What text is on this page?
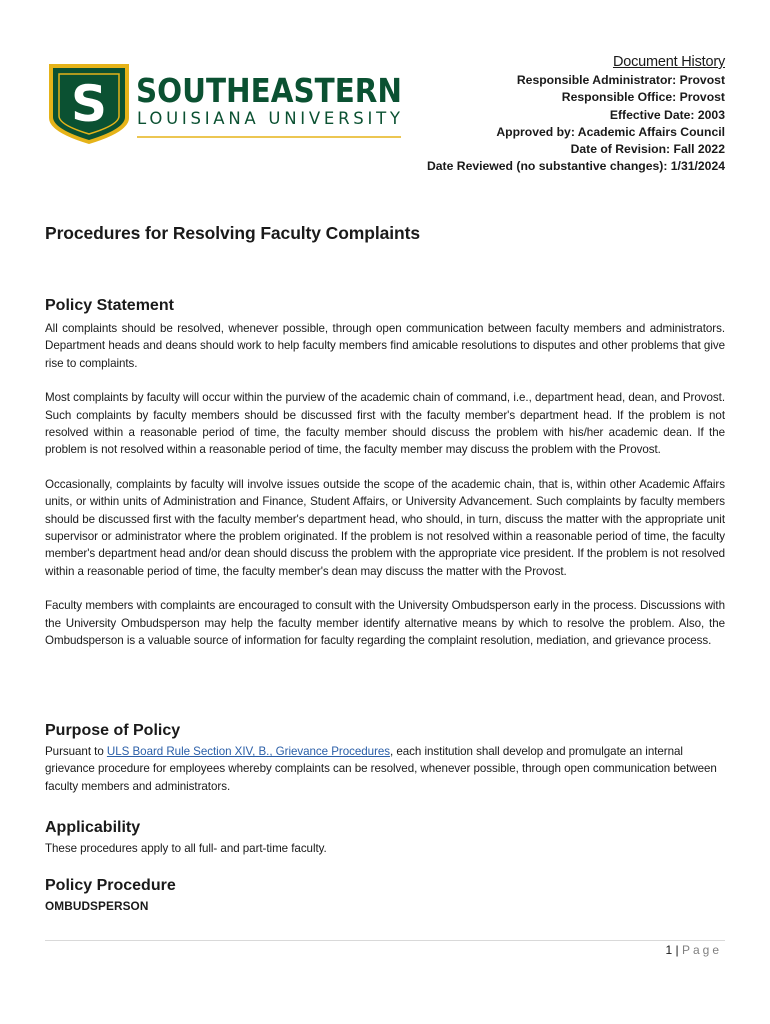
S SOUTHEASTERN
LOUISIANA UNIVERSITY
Document History
Responsible Administrator: Provost
Responsible Office: Provost
Effective Date: 2003
Approved by: Academic Affairs Council
Date of Revision: Fall 2022
Date Reviewed (no substantive changes): 1/31/2024
Procedures for Resolving Faculty Complaints
Policy Statement

All complaints should be resolved, whenever possible, through open communication between faculty members and administrators. Department heads and deans should work to help faculty members find amicable resolutions to disputes and other problems that give rise to complaints.

Most complaints by faculty will occur within the purview of the academic chain of command, i.e., department head, dean, and Provost. Such complaints by faculty members should be discussed first with the faculty member's department head. If the problem is not resolved within a reasonable period of time, the faculty member should discuss the problem with his/her academic dean. If the problem is not resolved within a reasonable period of time, the faculty member may discuss the problem with the Provost.

Occasionally, complaints by faculty will involve issues outside the scope of the academic chain, that is, within other Academic Affairs units, or within units of Administration and Finance, Student Affairs, or University Advancement. Such complaints by faculty members should be discussed first with the faculty member's department head, who should, in turn, discuss the matter with the appropriate unit supervisor or administrator where the problem originated. If the problem is not resolved within a reasonable period of time, the faculty member's department head and/or dean should discuss the problem with the appropriate vice president. If the problem is not resolved within a reasonable period of time, the faculty member's dean may discuss the matter with the Provost.

Faculty members with complaints are encouraged to consult with the University Ombudsperson early in the process. Discussions with the University Ombudsperson may help the faculty member identify alternative means by which to resolve the problem. Also, the Ombudsperson is a valuable source of information for faculty regarding the complaint resolution, mediation, and grievance process.

Purpose of Policy

Pursuant to ULS Board Rule Section XIV, B., Grievance Procedures, each institution shall develop and promulgate an internal grievance procedure for employees whereby complaints can be resolved, whenever possible, through open communication between faculty members and administrators.

Applicability

These procedures apply to all full- and part-time faculty.

Policy Procedure
OMBUDSPERSON
1 | Page
